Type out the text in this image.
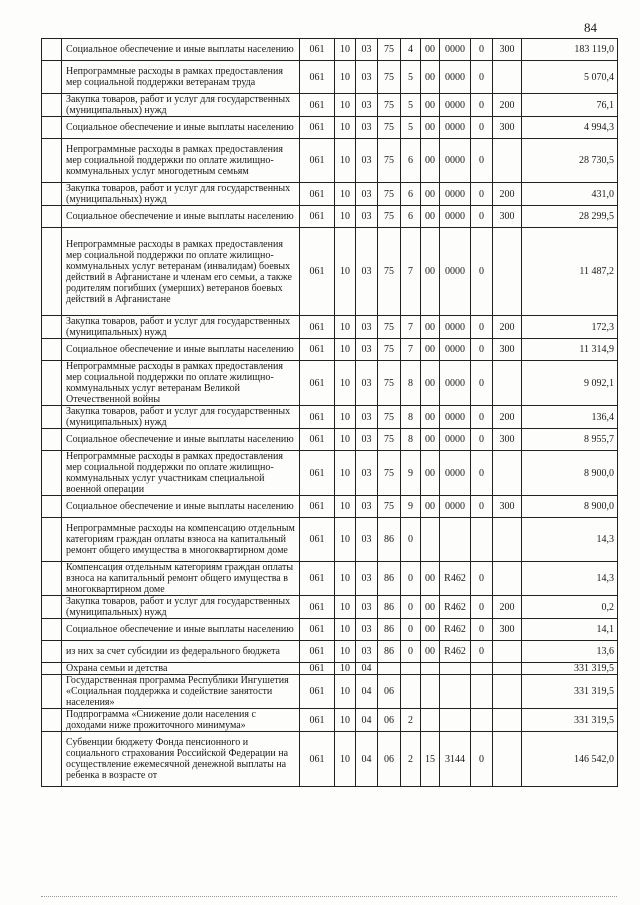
84
	Социальное обеспечение и иные выплаты населению	061	10	03	75	4	00	0000	0	300	183 119,0
	Непрограммные расходы в рамках предоставления мер социальной поддержки ветеранам труда	061	10	03	75	5	00	0000	0		5 070,4
	Закупка товаров, работ и услуг для государственных (муниципальных) нужд	061	10	03	75	5	00	0000	0	200	76,1
	Социальное обеспечение и иные выплаты населению	061	10	03	75	5	00	0000	0	300	4 994,3
	Непрограммные расходы в рамках предоставления мер социальной поддержки по оплате жилищно-коммунальных услуг многодетным семьям	061	10	03	75	6	00	0000	0		28 730,5
	Закупка товаров, работ и услуг для государственных (муниципальных) нужд	061	10	03	75	6	00	0000	0	200	431,0
	Социальное обеспечение и иные выплаты населению	061	10	03	75	6	00	0000	0	300	28 299,5
	Непрограммные расходы в рамках предоставления мер социальной поддержки по оплате жилищно-коммунальных услуг ветеранам (инвалидам) боевых действий в Афганистане и членам его семьи, а также родителям погибших (умерших) ветеранов боевых действий в Афганистане	061	10	03	75	7	00	0000	0		11 487,2
	Закупка товаров, работ и услуг для государственных (муниципальных) нужд	061	10	03	75	7	00	0000	0	200	172,3
	Социальное обеспечение и иные выплаты населению	061	10	03	75	7	00	0000	0	300	11 314,9
	Непрограммные расходы в рамках предоставления мер социальной поддержки по оплате жилищно-коммунальных услуг ветеранам Великой Отечественной войны	061	10	03	75	8	00	0000	0		9 092,1
	Закупка товаров, работ и услуг для государственных (муниципальных) нужд	061	10	03	75	8	00	0000	0	200	136,4
	Социальное обеспечение и иные выплаты населению	061	10	03	75	8	00	0000	0	300	8 955,7
	Непрограммные расходы в рамках предоставления мер социальной поддержки по оплате жилищно-коммунальных услуг участникам специальной военной операции	061	10	03	75	9	00	0000	0		8 900,0
	Социальное обеспечение и иные выплаты населению	061	10	03	75	9	00	0000	0	300	8 900,0
	Непрограммные расходы на компенсацию отдельным категориям граждан оплаты взноса на капитальный ремонт общего имущества в многоквартирном доме	061	10	03	86	0					14,3
	Компенсация отдельным категориям граждан оплаты взноса на капитальный ремонт общего имущества в многоквартирном доме	061	10	03	86	0	00	R462	0		14,3
	Закупка товаров, работ и услуг для государственных (муниципальных) нужд	061	10	03	86	0	00	R462	0	200	0,2
	Социальное обеспечение и иные выплаты населению	061	10	03	86	0	00	R462	0	300	14,1
	из них за счет субсидии из федерального бюджета	061	10	03	86	0	00	R462	0		13,6
	Охрана семьи и детства	061	10	04							331 319,5
	Государственная программа Республики Ингушетия «Социальная поддержка и содействие занятости населения»	061	10	04	06						331 319,5
	Подпрограмма «Снижение доли населения с доходами ниже прожиточного минимума»	061	10	04	06	2					331 319,5
	Субвенции бюджету Фонда пенсионного и социального страхования Российской Федерации на осуществление ежемесячной денежной выплаты на ребенка в возрасте от	061	10	04	06	2	15	3144	0		146 542,0
